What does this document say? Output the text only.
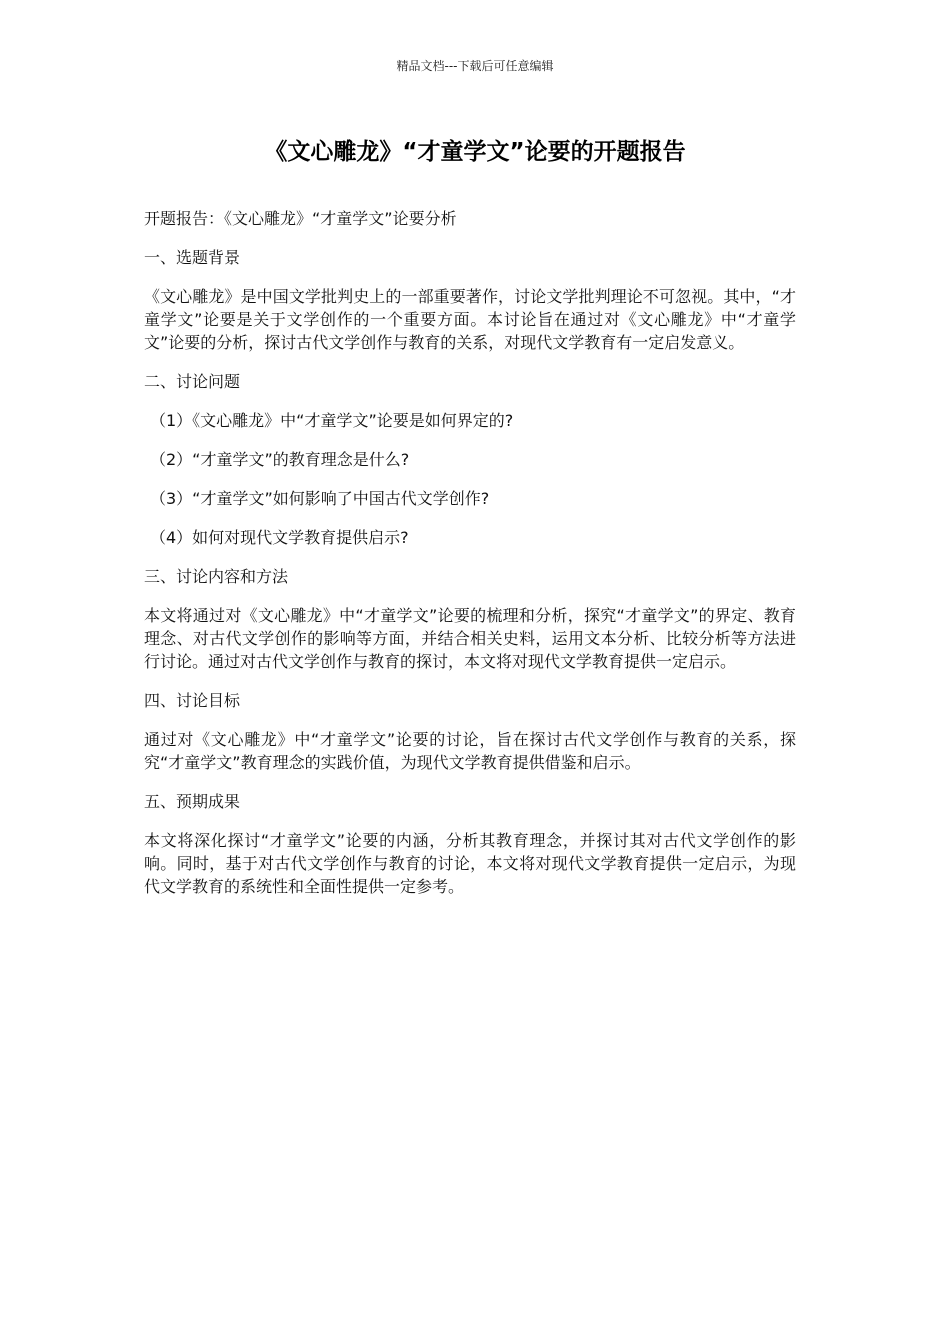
精品文档---下载后可任意编辑
《文心雕龙》“才童学文”论要的开题报告

开题报告：《文心雕龙》“才童学文”论要分析

一、选题背景

《文心雕龙》是中国文学批判史上的一部重要著作，讨论文学批判理论不可忽视。其中，“才童学文”论要是关于文学创作的一个重要方面。本讨论旨在通过对《文心雕龙》中“才童学文”论要的分析，探讨古代文学创作与教育的关系，对现代文学教育有一定启发意义。

二、讨论问题

（1）《文心雕龙》中“才童学文”论要是如何界定的?

（2）“才童学文”的教育理念是什么?

（3）“才童学文”如何影响了中国古代文学创作?

（4）如何对现代文学教育提供启示?

三、讨论内容和方法

本文将通过对《文心雕龙》中“才童学文”论要的梳理和分析，探究“才童学文”的界定、教育理念、对古代文学创作的影响等方面，并结合相关史料，运用文本分析、比较分析等方法进行讨论。通过对古代文学创作与教育的探讨，本文将对现代文学教育提供一定启示。

四、讨论目标

通过对《文心雕龙》中“才童学文”论要的讨论，旨在探讨古代文学创作与教育的关系，探究“才童学文”教育理念的实践价值，为现代文学教育提供借鉴和启示。

五、预期成果

本文将深化探讨“才童学文”论要的内涵，分析其教育理念，并探讨其对古代文学创作的影响。同时，基于对古代文学创作与教育的讨论，本文将对现代文学教育提供一定启示，为现代文学教育的系统性和全面性提供一定参考。
